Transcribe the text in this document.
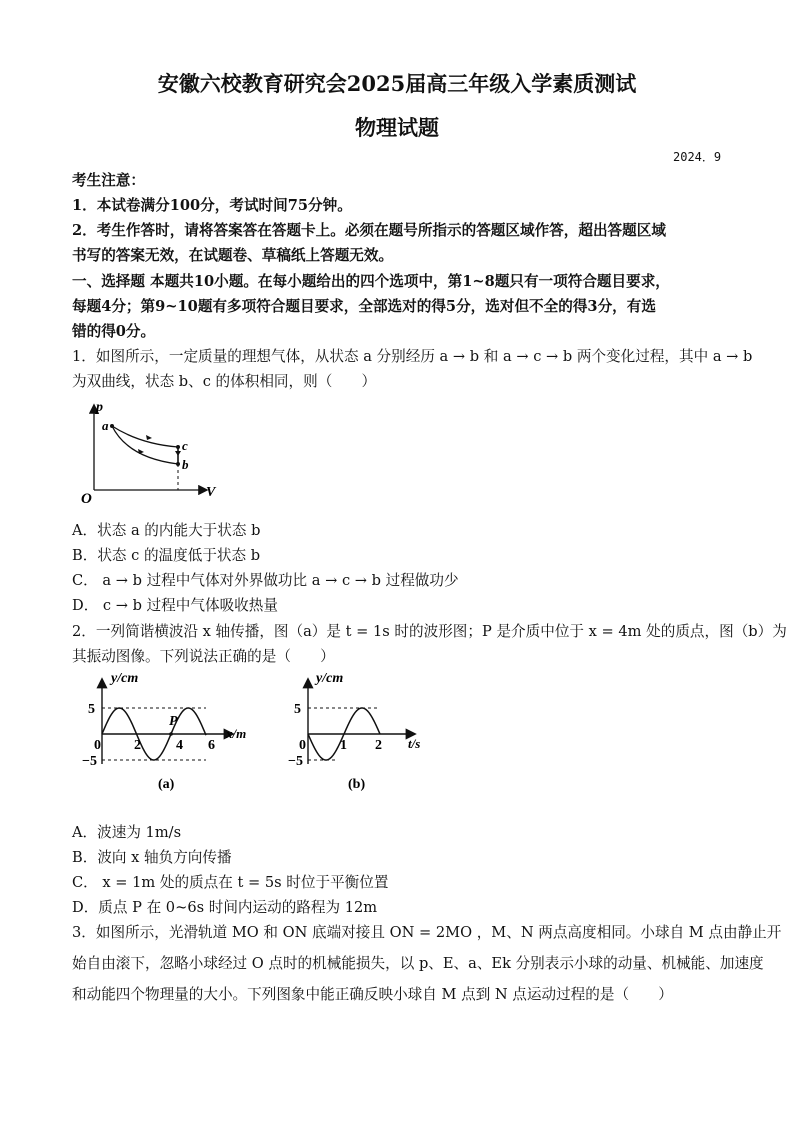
安徽六校教育研究会2025届高三年级入学素质测试
物理试题
2024．9
考生注意：
1．本试卷满分100分，考试时间75分钟。
2．考生作答时，请将答案答在答题卡上。必须在题号所指示的答题区域作答，超出答题区域
书写的答案无效，在试题卷、草稿纸上答题无效。
一、选择题 本题共10小题。在每小题给出的四个选项中，第1~8题只有一项符合题目要求，
每题4分；第9~10题有多项符合题目要求，全部选对的得5分，选对但不全的得3分，有选
错的得0分。
1．如图所示，一定质量的理想气体，从状态 a 分别经历 a → b 和 a → c → b 两个变化过程，其中 a → b
为双曲线，状态 b、c 的体积相同，则（　　）
p
V
O
a
c
b
A．状态 a 的内能大于状态 b
B．状态 c 的温度低于状态 b
C． a → b 过程中气体对外界做功比 a → c → b 过程做功少
D． c → b 过程中气体吸收热量
2．一列简谐横波沿 x 轴传播，图（a）是 t = 1s 时的波形图；P 是介质中位于 x = 4m 处的质点，图（b）为
其振动图像。下列说法正确的是（　　）
y/cm
x/m
5
−5
0 2	4 6
P
(a)
y/cm
t/s
5
−5
0 1 2
(b)
A．波速为 1m/s
B．波向 x 轴负方向传播
C． x = 1m 处的质点在 t = 5s 时位于平衡位置
D．质点 P 在 0~6s 时间内运动的路程为 12m
3．如图所示，光滑轨道 MO 和 ON 底端对接且 ON = 2MO ，M、N 两点高度相同。小球自 M 点由静止开
始自由滚下，忽略小球经过 O 点时的机械能损失，以 p、E、a、Ek 分别表示小球的动量、机械能、加速度
和动能四个物理量的大小。下列图象中能正确反映小球自 M 点到 N 点运动过程的是（　　）
